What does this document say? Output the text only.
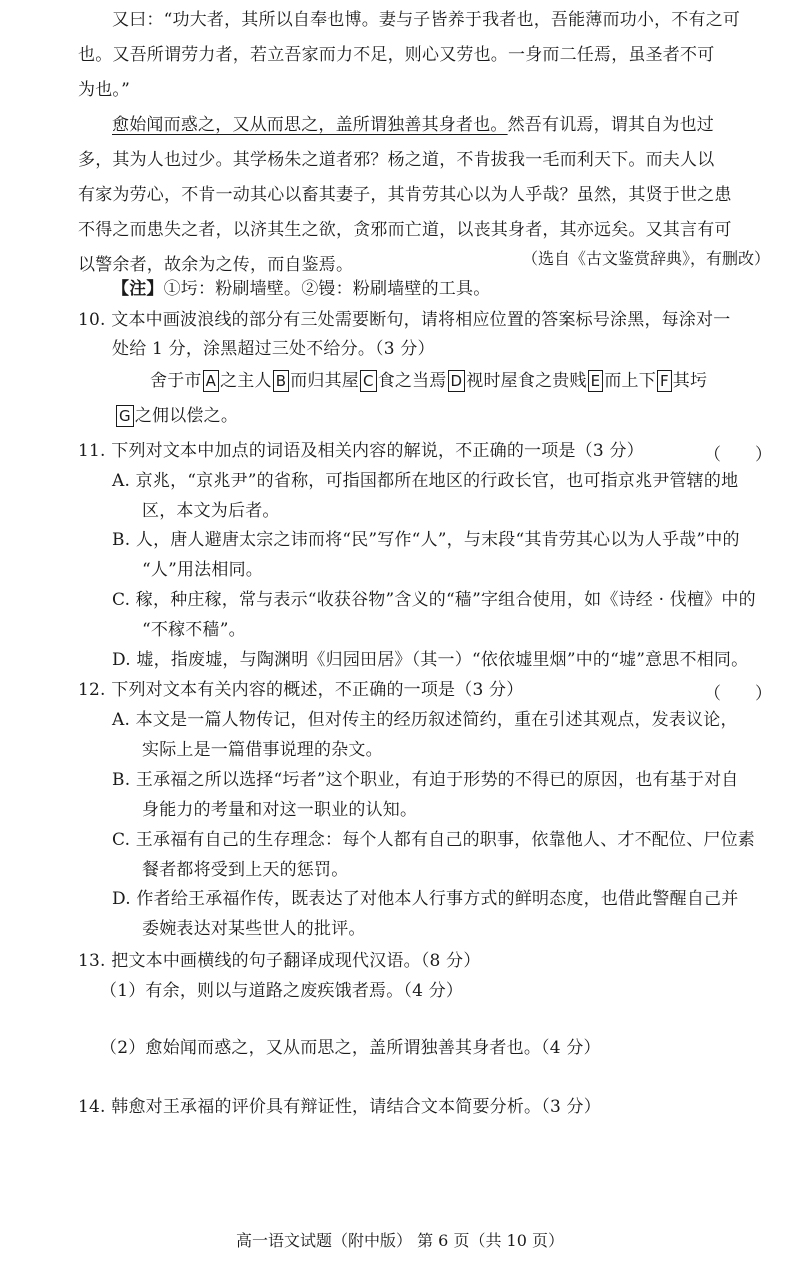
又曰：“功大者，其所以自奉也博。妻与子皆养于我者也，吾能薄而功小，不有之可
也。又吾所谓劳力者，若立吾家而力不足，则心又劳也。一身而二任焉，虽圣者不可
为也。”
愈始闻而惑之，又从而思之，盖所谓独善其身者也。然吾有讥焉，谓其自为也过
多，其为人也过少。其学杨朱之道者邪？杨之道，不肯拔我一毛而利天下。而夫人以
有家为劳心，不肯一动其心以畜其妻子，其肯劳其心以为人乎哉？虽然，其贤于世之患
不得之而患失之者，以济其生之欲，贪邪而亡道，以丧其身者，其亦远矣。又其言有可
以警余者，故余为之传，而自鉴焉。	（选自《古文鉴赏辞典》，有删改）
【注】①圬：粉刷墙壁。②镘：粉刷墙壁的工具。
10. 文本中画波浪线的部分有三处需要断句，请将相应位置的答案标号涂黑，每涂对一
处给 1 分，涂黑超过三处不给分。（3 分）
舍于市 A 之主人 B 而归其屋 C 食之当焉 D 视时屋食之贵贱 E 而上下 F 其圬
G 之佣以偿之。
11. 下列对文本中加点的词语及相关内容的解说，不正确的一项是（3 分）	（　　）
A. 京兆，“京兆尹”的省称，可指国都所在地区的行政长官，也可指京兆尹管辖的地
区，本文为后者。
B. 人，唐人避唐太宗之讳而将“民”写作“人”，与末段“其肯劳其心以为人乎哉”中的
“人”用法相同。
C. 稼，种庄稼，常与表示“收获谷物”含义的“穑”字组合使用，如《诗经 · 伐檀》中的
“不稼不穑”。
D. 墟，指废墟，与陶渊明《归园田居》（其一）“依依墟里烟”中的“墟”意思不相同。
12. 下列对文本有关内容的概述，不正确的一项是（3 分）	（　　）
A. 本文是一篇人物传记，但对传主的经历叙述简约，重在引述其观点，发表议论，
实际上是一篇借事说理的杂文。
B. 王承福之所以选择“圬者”这个职业，有迫于形势的不得已的原因，也有基于对自
身能力的考量和对这一职业的认知。
C. 王承福有自己的生存理念：每个人都有自己的职事，依靠他人、才不配位、尸位素
餐者都将受到上天的惩罚。
D. 作者给王承福作传，既表达了对他本人行事方式的鲜明态度，也借此警醒自己并
委婉表达对某些世人的批评。
13. 把文本中画横线的句子翻译成现代汉语。（8 分）
（1）有余，则以与道路之废疾饿者焉。（4 分）
（2）愈始闻而惑之，又从而思之，盖所谓独善其身者也。（4 分）
14. 韩愈对王承福的评价具有辩证性，请结合文本简要分析。（3 分）
高一语文试题（附中版） 第 6 页（共 10 页）
